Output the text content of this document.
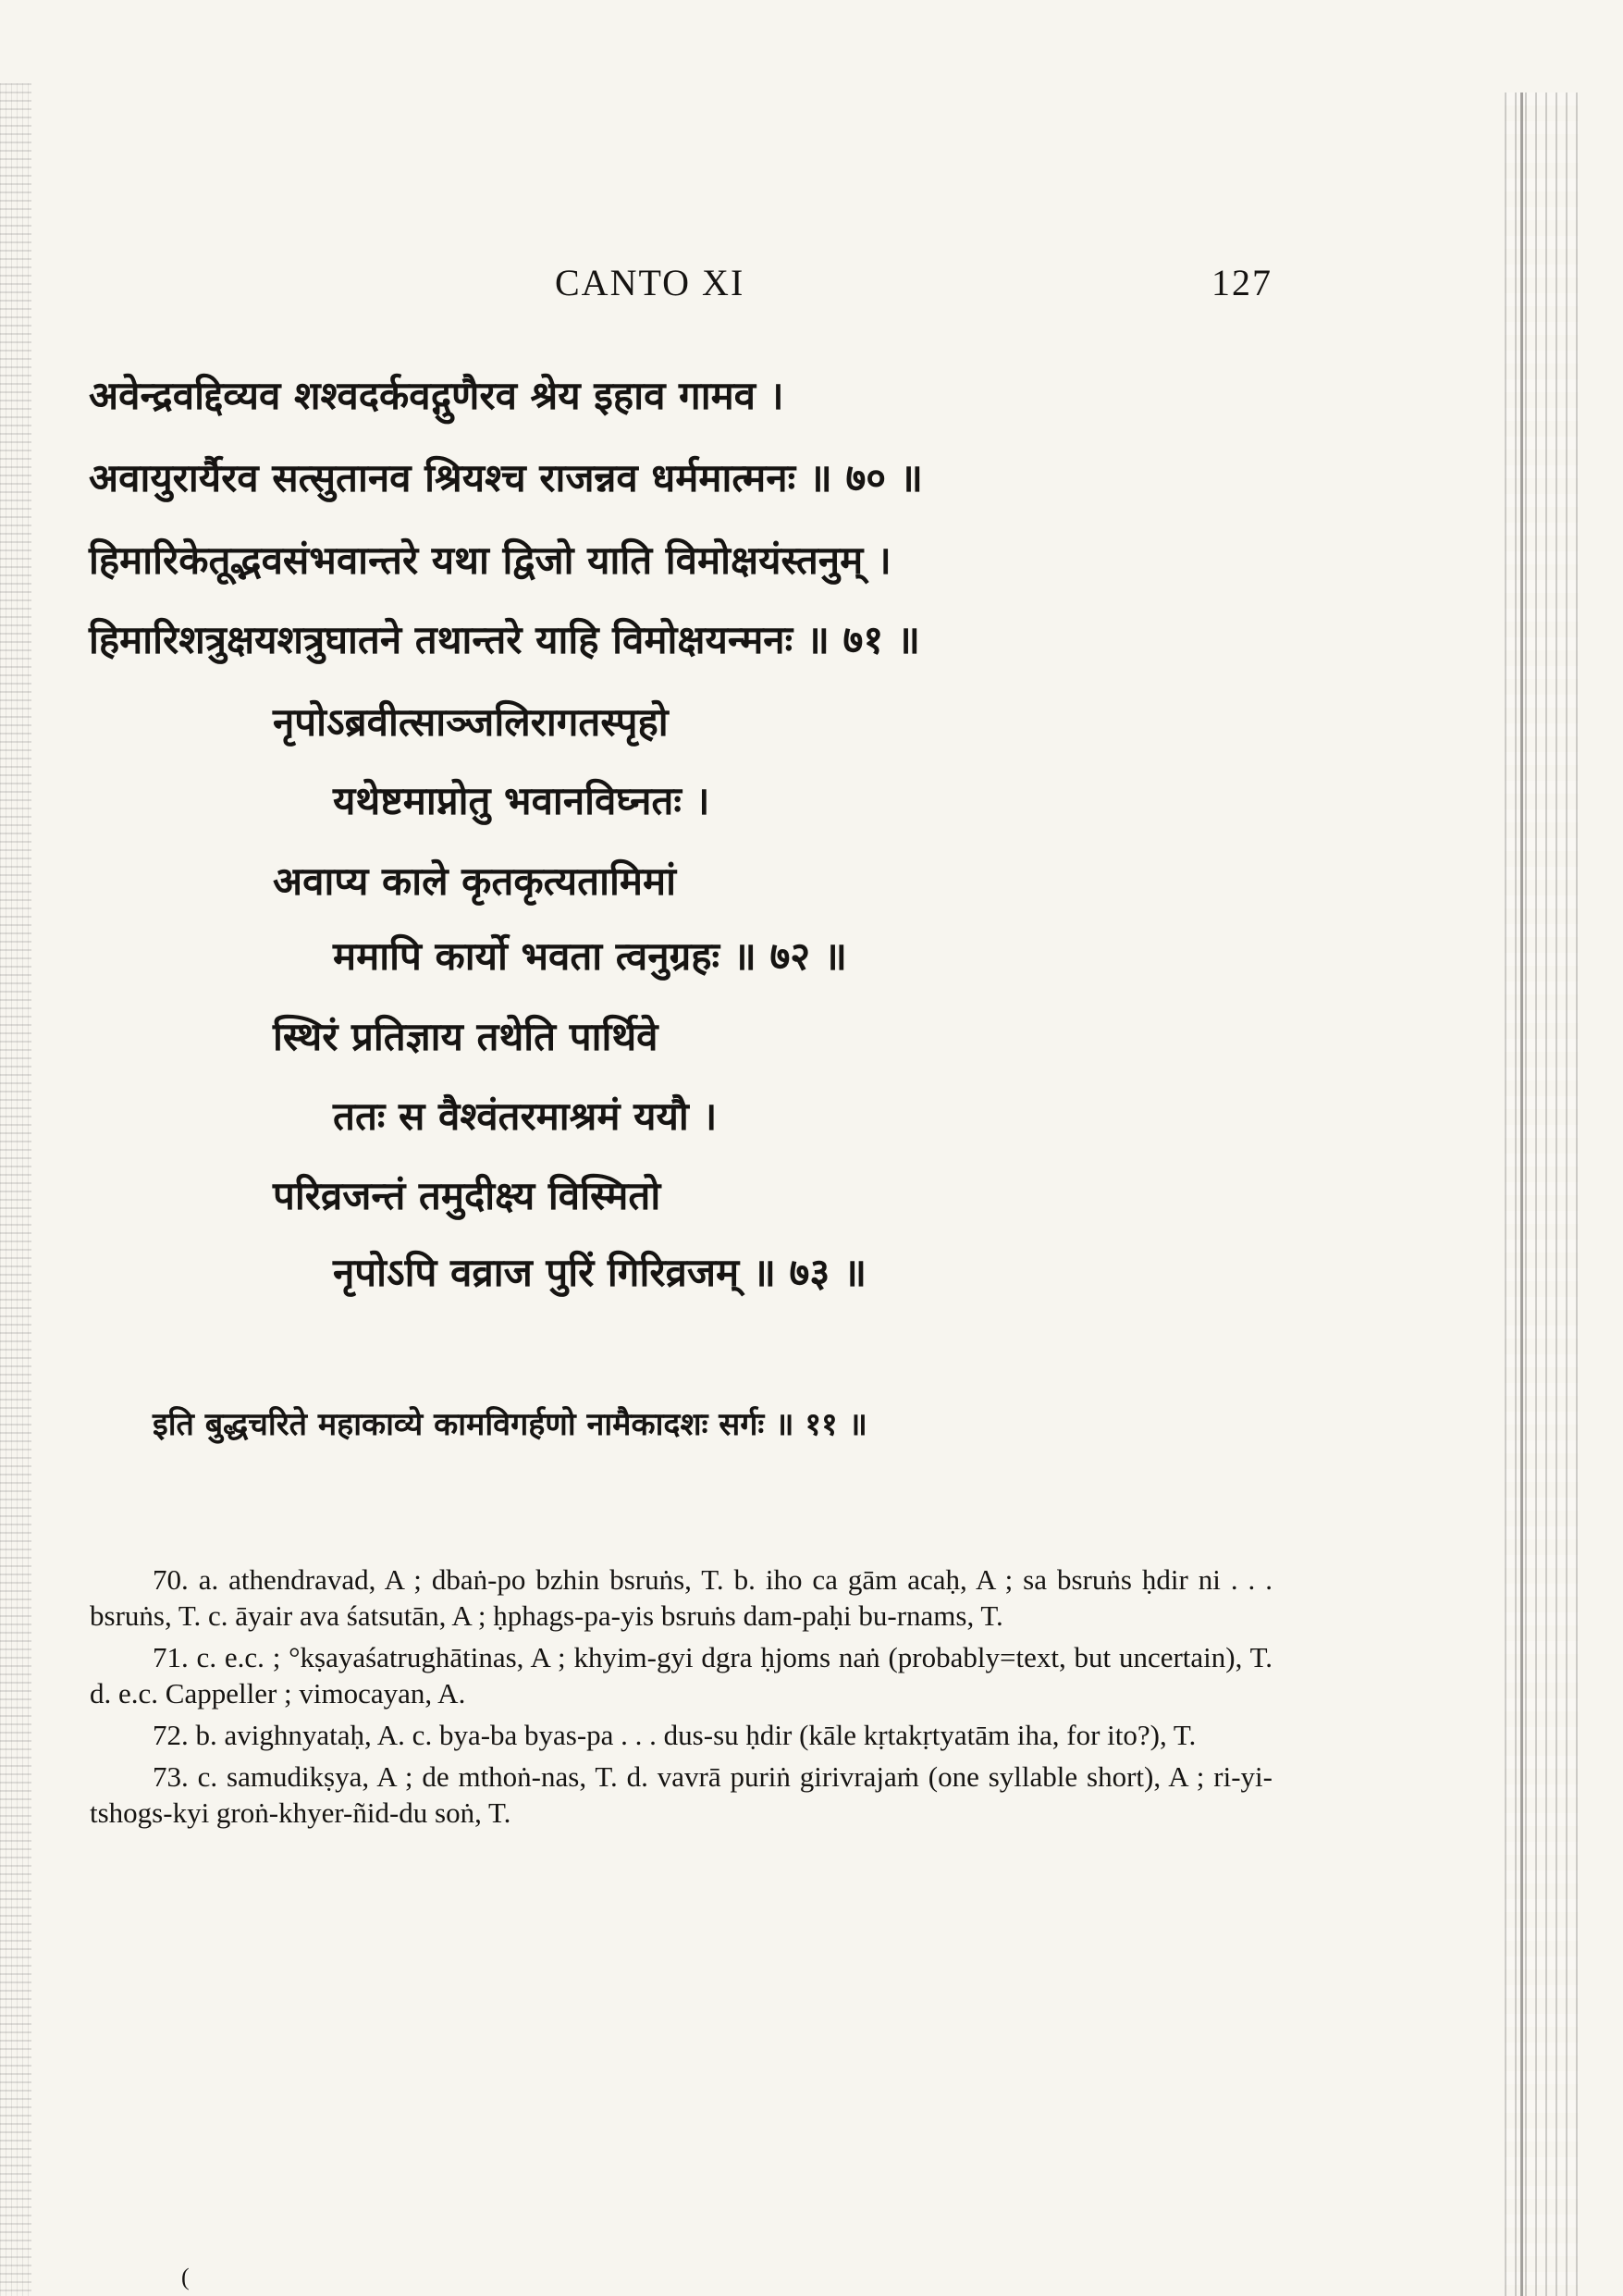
CANTO XI	127
अवेन्द्रवद्दिव्यव शश्वदर्कवद्गुणैरव श्रेय इहाव गामव ।
अवायुरार्यैरव सत्सुतानव श्रियश्च राजन्नव धर्ममात्मनः ॥ ७० ॥
हिमारिकेतूद्भवसंभवान्तरे यथा द्विजो याति विमोक्षयंस्तनुम् ।
हिमारिशत्रुक्षयशत्रुघातने तथान्तरे याहि विमोक्षयन्मनः ॥ ७१ ॥
नृपोऽब्रवीत्साञ्जलिरागतस्पृहो
यथेष्टमाप्नोतु भवानविघ्नतः ।
अवाप्य काले कृतकृत्यतामिमां
ममापि कार्यो भवता त्वनुग्रहः ॥ ७२ ॥
स्थिरं प्रतिज्ञाय तथेति पार्थिवे
ततः स वैश्वंतरमाश्रमं ययौ ।
परिव्रजन्तं तमुदीक्ष्य विस्मितो
नृपोऽपि वव्राज पुरिं गिरिव्रजम् ॥ ७३ ॥
इति बुद्धचरिते महाकाव्ये कामविगर्हणो नामैकादशः सर्गः ॥ ११ ॥
70. a. athendravad, A ; dbaṅ-po bzhin bsruṅs, T. b. iho ca gām acaḥ, A ; sa bsruṅs ḥdir ni . . . bsruṅs, T. c. āyair ava śatsutān, A ; ḥphags-pa-yis bsruṅs dam-paḥi bu-rnams, T.
71. c. e.c. ; °kṣayaśatrughātinas, A ; khyim-gyi dgra ḥjoms naṅ (probably=text, but uncertain), T. d. e.c. Cappeller ; vimocayan, A.
72. b. avighnyataḥ, A. c. bya-ba byas-pa . . . dus-su ḥdir (kāle kṛtakṛtyatām iha, for ito?), T.
73. c. samudikṣya, A ; de mthoṅ-nas, T. d. vavrā puriṅ girivrajaṁ (one syllable short), A ; ri-yi-tshogs-kyi groṅ-khyer-ñid-du soṅ, T.
(
